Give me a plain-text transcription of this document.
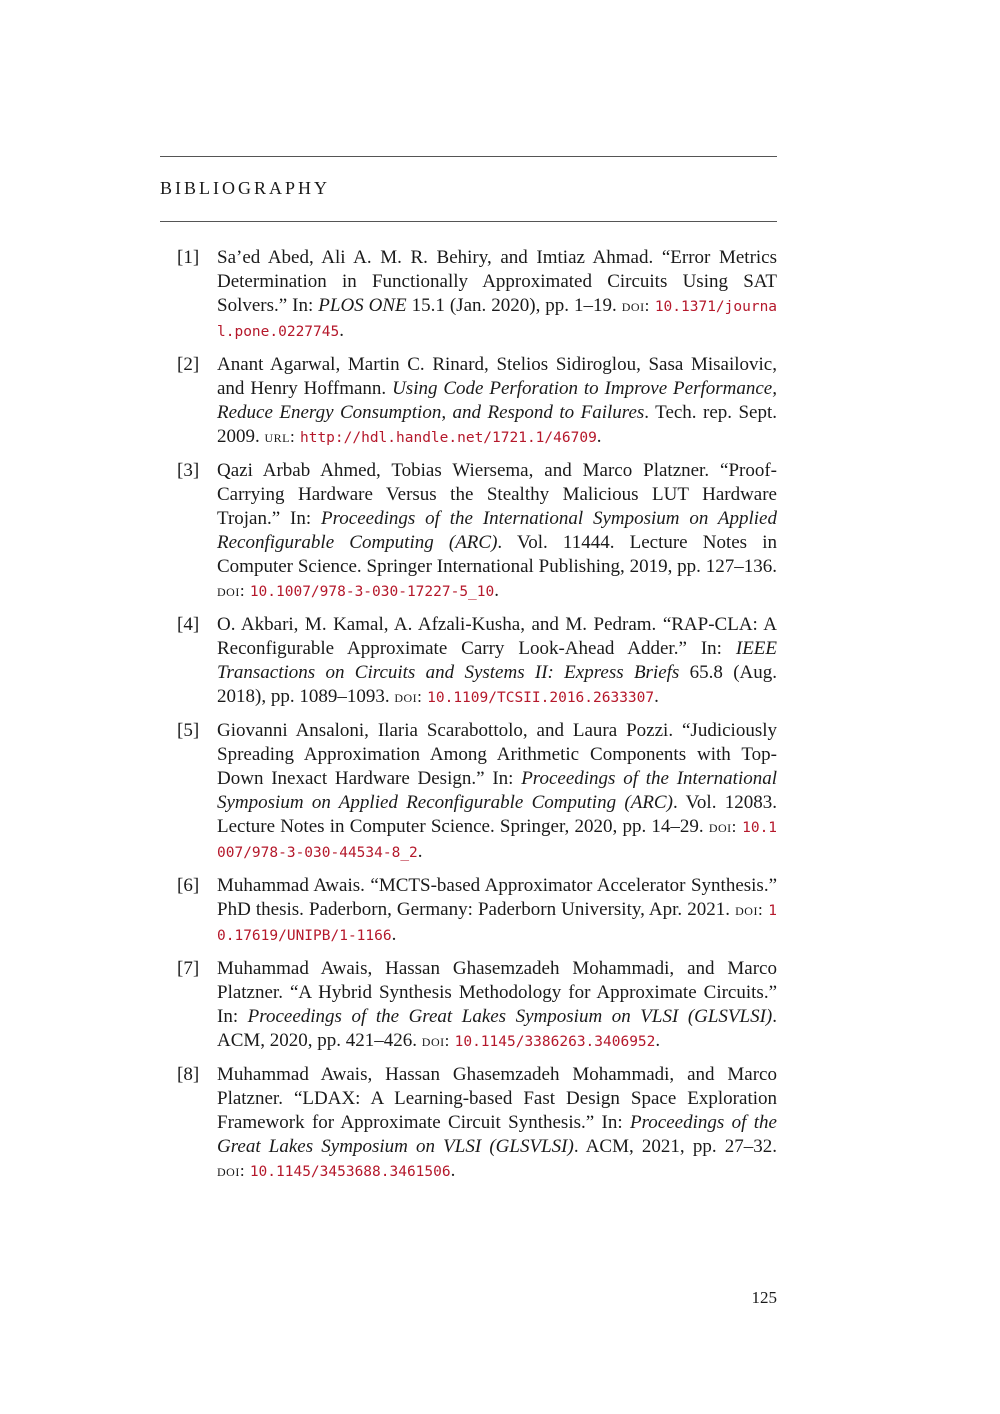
BIBLIOGRAPHY
[1] Sa’ed Abed, Ali A. M. R. Behiry, and Imtiaz Ahmad. “Error Metrics Determination in Functionally Approximated Circuits Using SAT Solvers.” In: PLOS ONE 15.1 (Jan. 2020), pp. 1–19. doi: 10.1371/journal.pone.0227745.
[2] Anant Agarwal, Martin C. Rinard, Stelios Sidiroglou, Sasa Misailovic, and Henry Hoffmann. Using Code Perforation to Improve Performance, Reduce Energy Consumption, and Respond to Failures. Tech. rep. Sept. 2009. url: http://hdl.handle.net/1721.1/46709.
[3] Qazi Arbab Ahmed, Tobias Wiersema, and Marco Platzner. “Proof-Carrying Hardware Versus the Stealthy Malicious LUT Hardware Trojan.” In: Proceedings of the International Symposium on Applied Reconfigurable Computing (ARC). Vol. 11444. Lecture Notes in Computer Science. Springer International Publishing, 2019, pp. 127–136. doi: 10.1007/978-3-030-17227-5_10.
[4] O. Akbari, M. Kamal, A. Afzali-Kusha, and M. Pedram. “RAP-CLA: A Reconfigurable Approximate Carry Look-Ahead Adder.” In: IEEE Transactions on Circuits and Systems II: Express Briefs 65.8 (Aug. 2018), pp. 1089–1093. doi: 10.1109/TCSII.2016.2633307.
[5] Giovanni Ansaloni, Ilaria Scarabottolo, and Laura Pozzi. “Judiciously Spreading Approximation Among Arithmetic Components with Top-Down Inexact Hardware Design.” In: Proceedings of the International Symposium on Applied Reconfigurable Computing (ARC). Vol. 12083. Lecture Notes in Computer Science. Springer, 2020, pp. 14–29. doi: 10.1007/978-3-030-44534-8_2.
[6] Muhammad Awais. “MCTS-based Approximator Accelerator Synthesis.” PhD thesis. Paderborn, Germany: Paderborn University, Apr. 2021. doi: 10.17619/UNIPB/1-1166.
[7] Muhammad Awais, Hassan Ghasemzadeh Mohammadi, and Marco Platzner. “A Hybrid Synthesis Methodology for Approximate Circuits.” In: Proceedings of the Great Lakes Symposium on VLSI (GLSVLSI). ACM, 2020, pp. 421–426. doi: 10.1145/3386263.3406952.
[8] Muhammad Awais, Hassan Ghasemzadeh Mohammadi, and Marco Platzner. “LDAX: A Learning-based Fast Design Space Exploration Framework for Approximate Circuit Synthesis.” In: Proceedings of the Great Lakes Symposium on VLSI (GLSVLSI). ACM, 2021, pp. 27–32. doi: 10.1145/3453688.3461506.
125
